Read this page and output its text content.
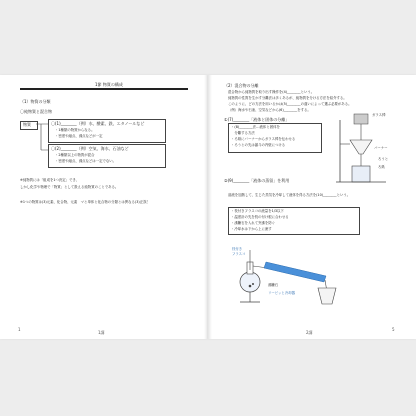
1節 物質の構成
（1）物質の分類
〇純物質と混合物
物質	〇(1)________（例）水、酸素、鉄、エタノールなど
・1種類の物質からなる。
・密度や融点、沸点などが一定
〇(2)________（例）空気、海水、石油など
・2種類以上の物質が混合
・密度や融点、沸点などは一定でない。
※純物質には「組成を1つ決定」でき、
しかし化学や物理で「物質」として扱える純物質のことである。
※1つの物質は(3)元素、化合物、元素　マと単体と化合物の分類とは異なる(3)正誤！
1講
1
（2）混合物の分離
混合物から純物質を取り出す操作を(4)________という。
純物質の性質を生かす分離法は多くあるが、純物質を分ける方法を紹介する。
このように、どの方法を用いるかは(5)________の違いによって選ぶ必要がある。
（例）海水や石油、空気などから(6)________をする。
①(7)________「液体と固体の分離」
・(8)________法…液体と固体を
　分離する方法
・ろ紙にバーナーからガラス棒を伝わせる
・ろうとの先は漏斗の内壁につける
ガラス棒
バーナー
ろうと
ろ紙
②(9)________「液体の蒸留」を利用
溶液を加熱して、生じた蒸気を冷却して液体を得る方法を(10)________という。
・枝付きフラスコの液量を1/3以下
・温度計の先を枝の付け根に合わせる
・沸騰石を入れて突沸を防ぐ
・冷却水は下から上に流す
枝付き
フラスコ
沸騰石
リービッヒ冷却器
2講
5
